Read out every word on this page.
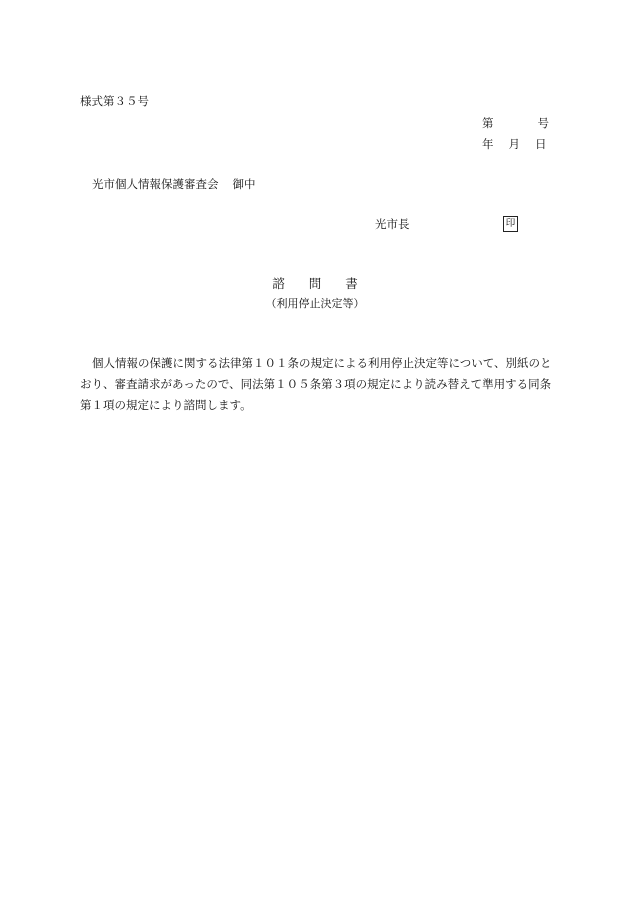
様式第３５号
第	号
年 月 日
光市個人情報保護審査会 御中
光市長	印
諮問書
（利用停止決定等）

個人情報の保護に関する法律第１０１条の規定による利用停止決定等について、別紙のとおり、審査請求があったので、同法第１０５条第３項の規定により読み替えて準用する同条第１項の規定により諮問します。
